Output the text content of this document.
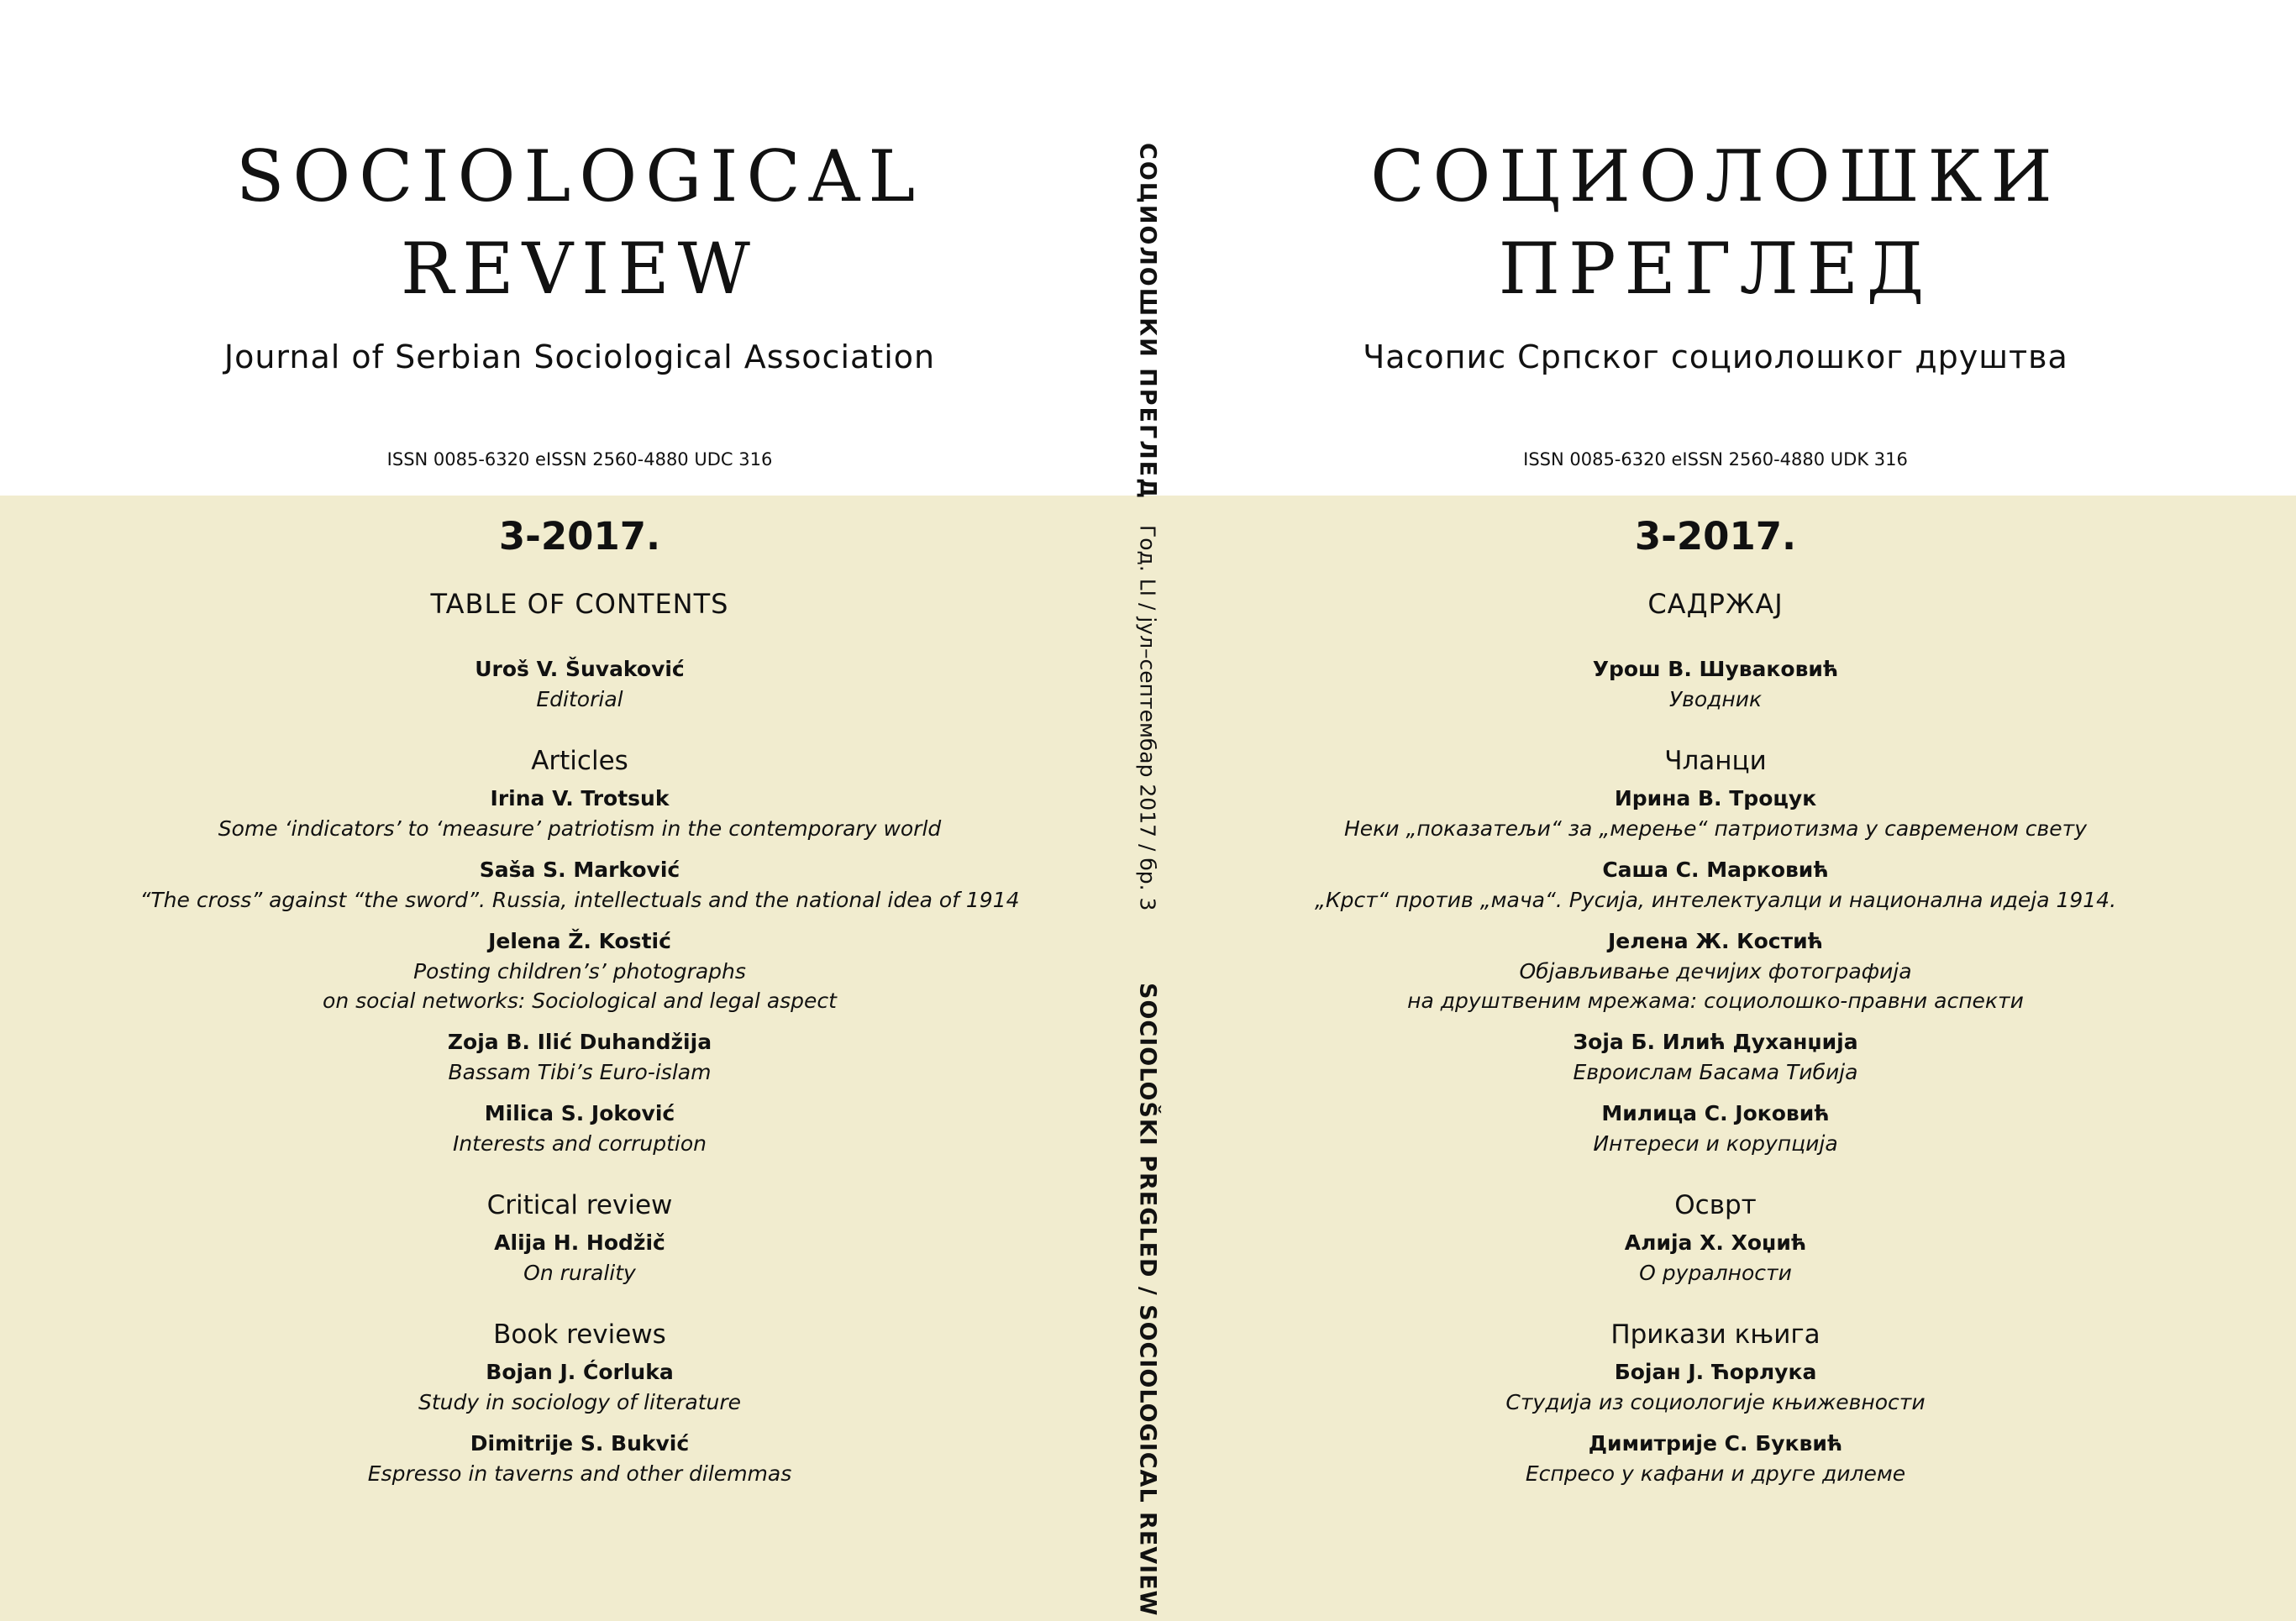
SOCIOLOGICAL
REVIEW
Journal of Serbian Sociological Association
ISSN 0085-6320 eISSN 2560-4880 UDC 316
3-2017.
TABLE OF CONTENTS

Uroš V. Šuvaković

Editorial

Articles

Irina V. Trotsuk

Some ‘indicators’ to ‘measure’ patriotism in the contemporary world

Saša S. Marković

“The cross” against “the sword”. Russia, intellectuals and the national idea of 1914

Jelena Ž. Kostić

Posting children’s’ photographs

on social networks: Sociological and legal aspect

Zoja B. Ilić Duhandžija

Bassam Tibi’s Euro-islam

Milica S. Joković

Interests and corruption

Critical review

Alija H. Hodžič

On rurality

Book reviews

Bojan J. Ćorluka

Study in sociology of literature

Dimitrije S. Bukvić

Espresso in taverns and other dilemmas

СОЦИОЛОШКИ ПРЕГЛЕД
Год. LI / јул–септембар 2017 / бр. 3
SOCIOLOŠKI PREGLED / SOCIOLOGICAL REVIEW
СОЦИОЛОШКИ
ПРЕГЛЕД
Часопис Српског социолошког друштва
ISSN 0085-6320 eISSN 2560-4880 UDK 316
3-2017.
САДРЖАЈ

Урош В. Шуваковић

Уводник

Чланци

Ирина В. Троцук

Неки „показатељи“ за „мерење“ патриотизма у савременом свету

Саша С. Марковић

„Крст“ против „мача“. Русија, интелектуалци и национална идеја 1914.

Јелена Ж. Костић

Објављивање дечијих фотографија

на друштвеним мрежама: социолошко-правни аспекти

Зоја Б. Илић Духанџија

Евроислам Басама Тибија

Милица С. Јоковић

Интереси и корупција

Осврт

Алија Х. Хоџић

О руралности

Прикази књига

Бојан Ј. Ћорлука

Студија из социологије књижевности

Димитрије С. Буквић

Еспресо у кафани и друге дилеме
